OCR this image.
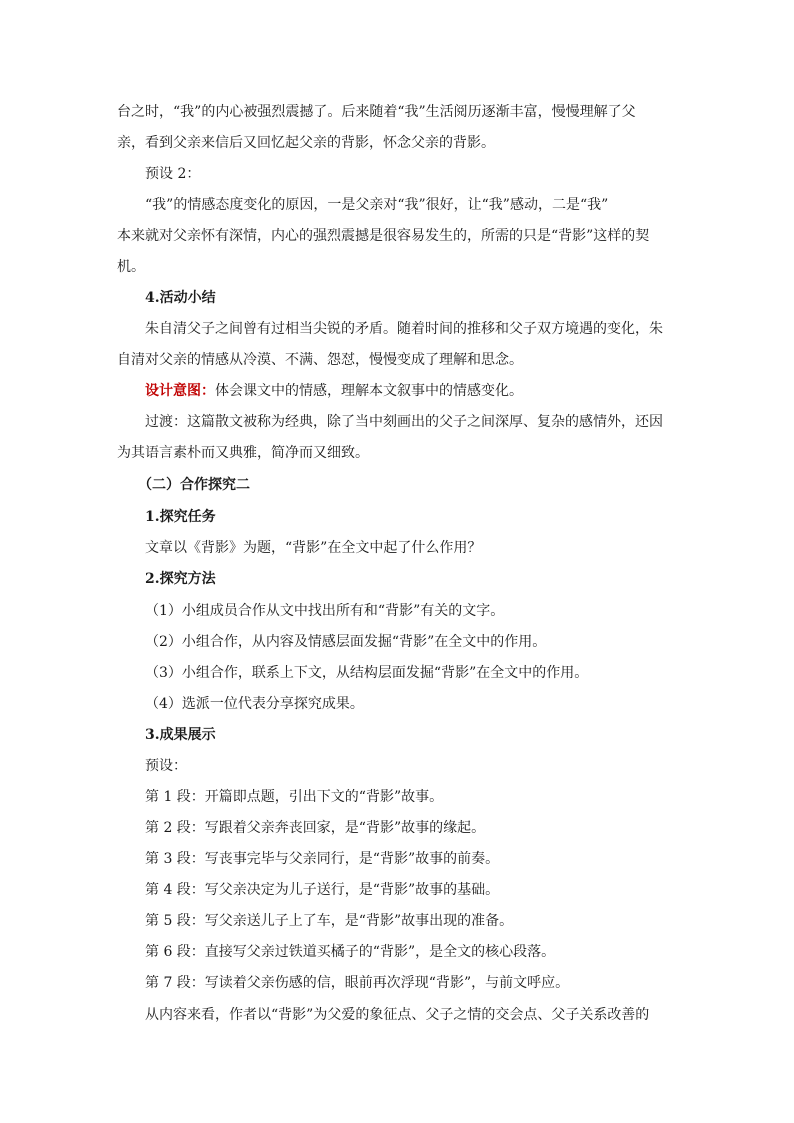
台之时，“我”的内心被强烈震撼了。后来随着“我”生活阅历逐渐丰富，慢慢理解了父
亲，看到父亲来信后又回忆起父亲的背影，怀念父亲的背影。
预设 2：
“我”的情感态度变化的原因，一是父亲对“我”很好，让“我”感动，二是“我”
本来就对父亲怀有深情，内心的强烈震撼是很容易发生的，所需的只是“背影”这样的契
机。
4.活动小结
朱自清父子之间曾有过相当尖锐的矛盾。随着时间的推移和父子双方境遇的变化，朱
自清对父亲的情感从冷漠、不满、怨怼，慢慢变成了理解和思念。
设计意图：体会课文中的情感，理解本文叙事中的情感变化。
过渡：这篇散文被称为经典，除了当中刻画出的父子之间深厚、复杂的感情外，还因
为其语言素朴而又典雅，简净而又细致。
（二）合作探究二
1.探究任务
文章以《背影》为题，“背影”在全文中起了什么作用？
2.探究方法
（1）小组成员合作从文中找出所有和“背影”有关的文字。
（2）小组合作，从内容及情感层面发掘“背影”在全文中的作用。
（3）小组合作，联系上下文，从结构层面发掘“背影”在全文中的作用。
（4）选派一位代表分享探究成果。
3.成果展示
预设：
第 1 段：开篇即点题，引出下文的“背影”故事。
第 2 段：写跟着父亲奔丧回家，是“背影”故事的缘起。
第 3 段：写丧事完毕与父亲同行，是“背影”故事的前奏。
第 4 段：写父亲决定为儿子送行，是“背影”故事的基础。
第 5 段：写父亲送儿子上了车，是“背影”故事出现的准备。
第 6 段：直接写父亲过铁道买橘子的“背影”，是全文的核心段落。
第 7 段：写读着父亲伤感的信，眼前再次浮现“背影”，与前文呼应。
从内容来看，作者以“背影”为父爱的象征点、父子之情的交会点、父子关系改善的
